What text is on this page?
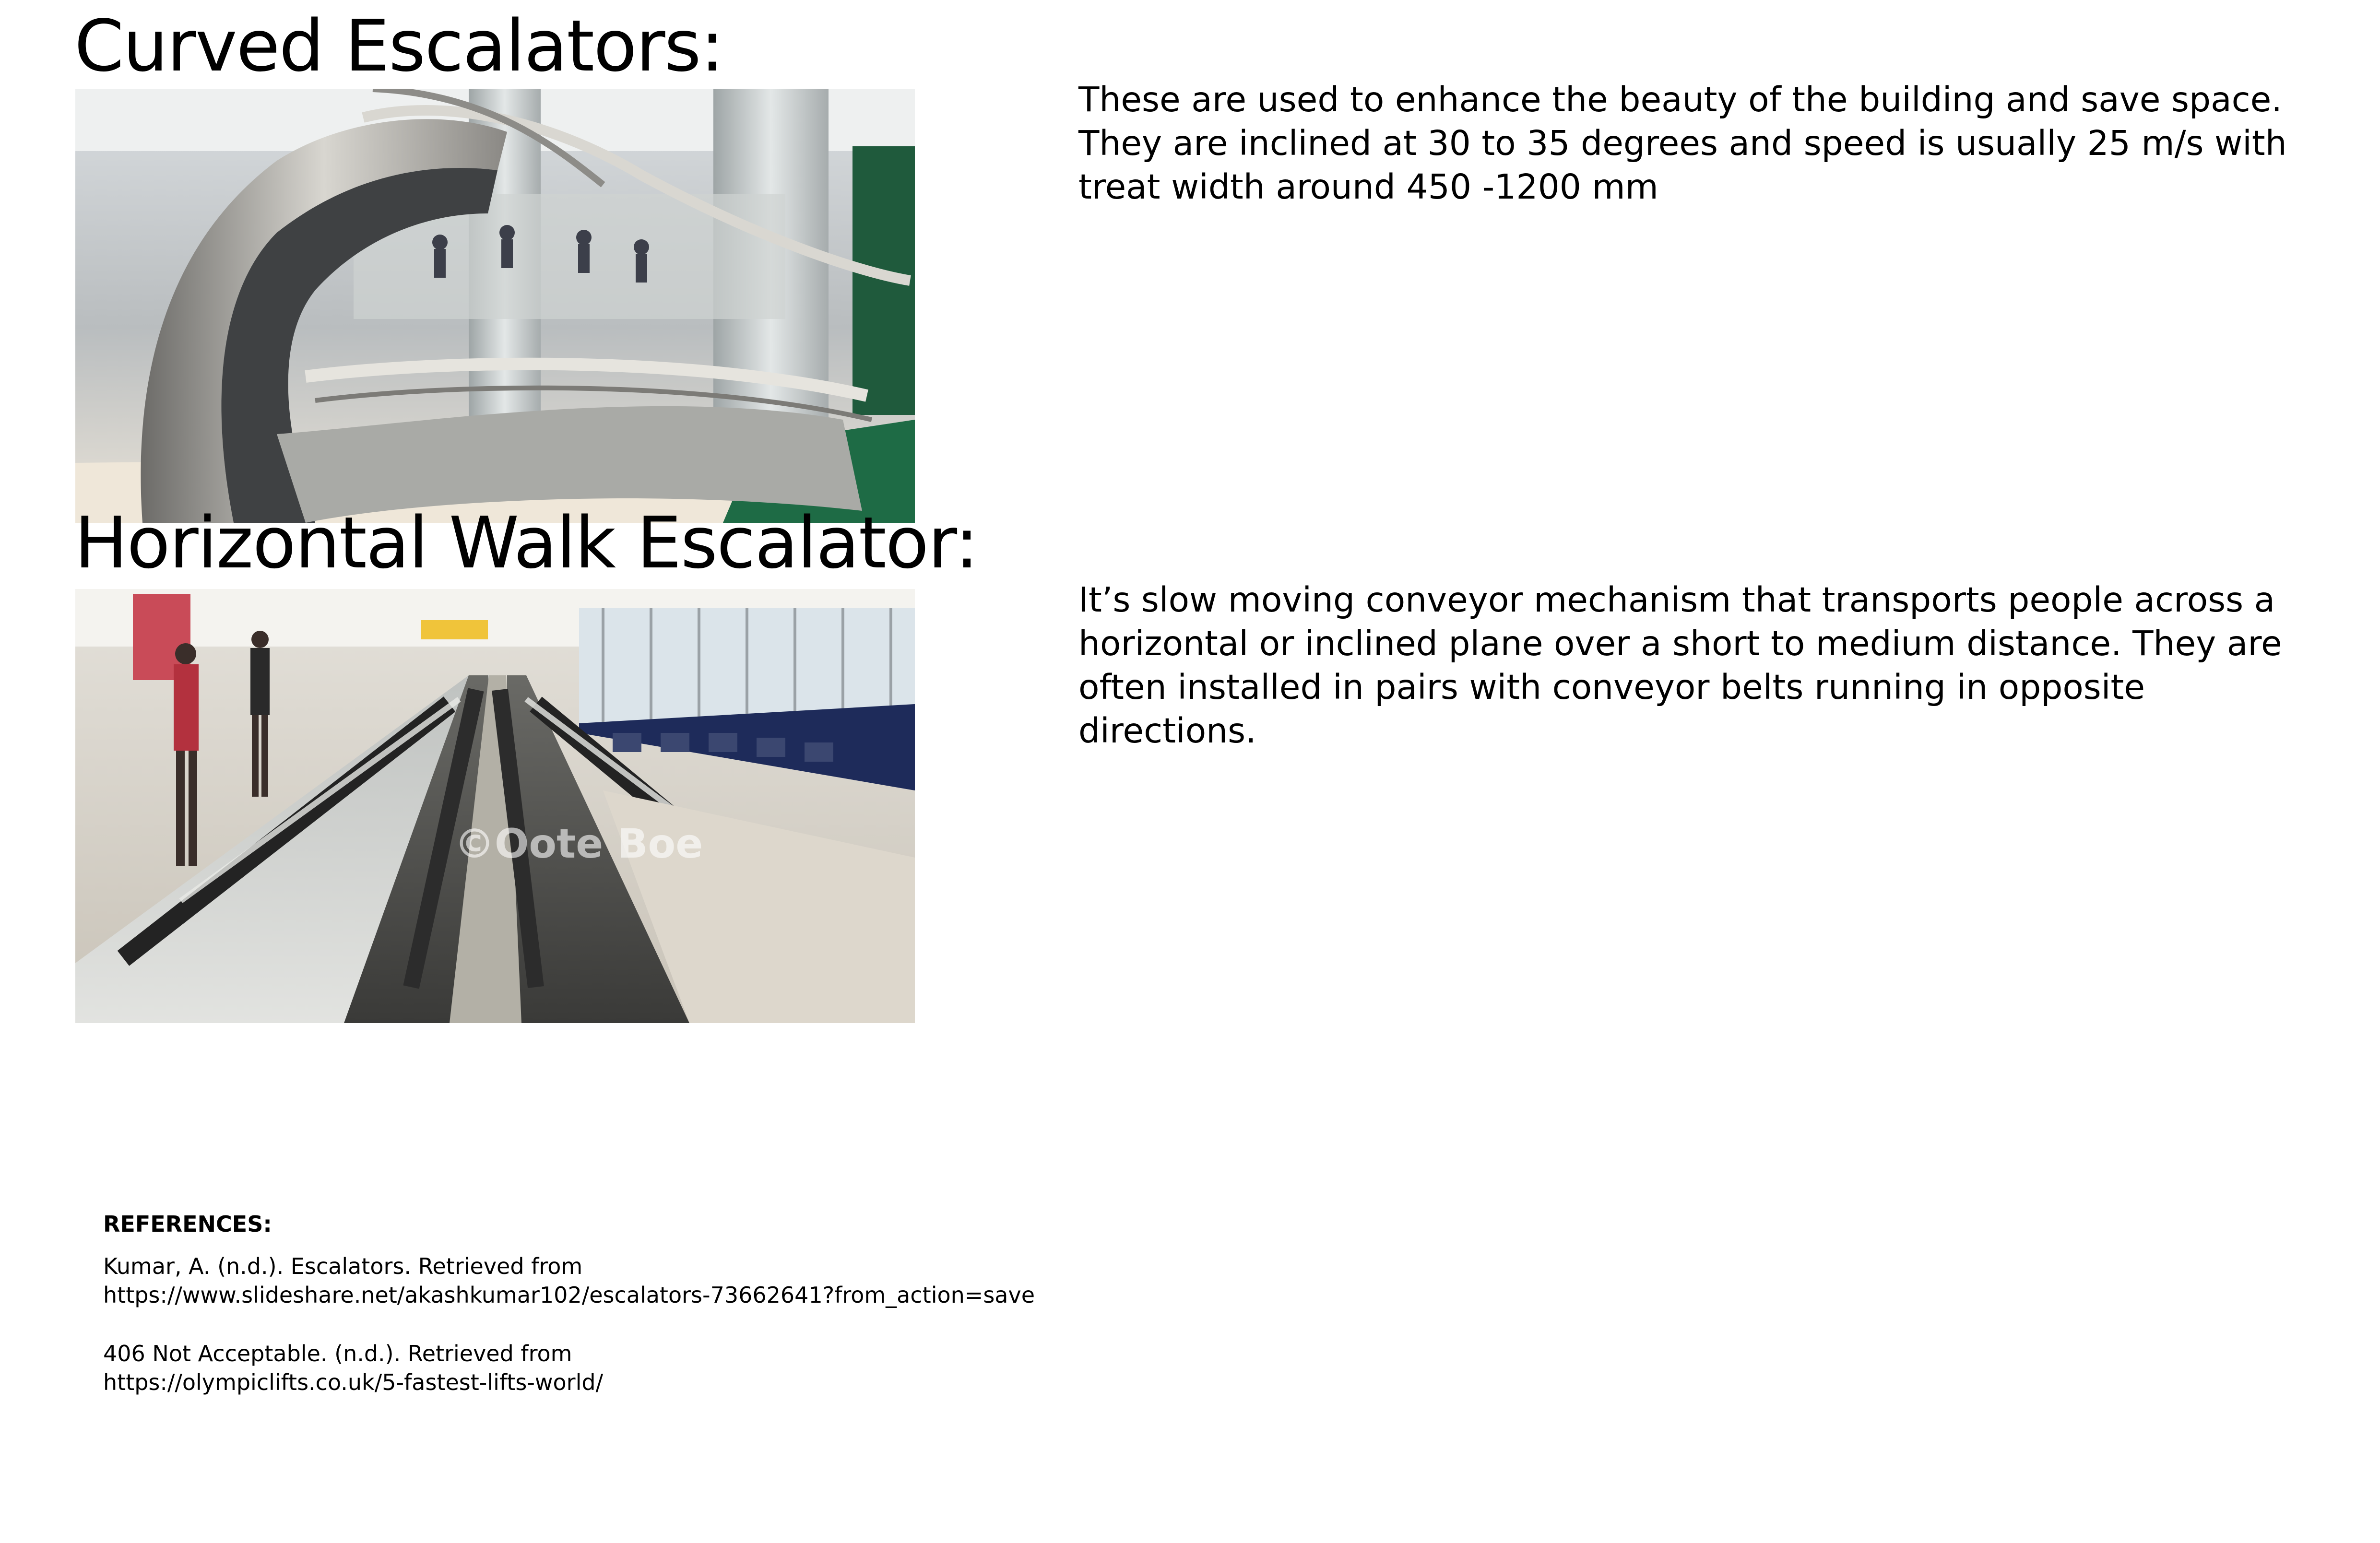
Curved Escalators:

These are used to enhance the beauty of the building and save space. They are inclined at 30 to 35 degrees and speed is usually 25 m/s with treat width around 450 -1200 mm

Horizontal Walk Escalator:
©Oote Boe

It’s slow moving conveyor mechanism that transports people across a horizontal or inclined plane over a short to medium distance. They are often installed in pairs with conveyor belts running in opposite directions.

REFERENCES:

Kumar, A. (n.d.). Escalators. Retrieved from
https://www.slideshare.net/akashkumar102/escalators-73662641?from_action=save

406 Not Acceptable. (n.d.). Retrieved from
https://olympiclifts.co.uk/5-fastest-lifts-world/
